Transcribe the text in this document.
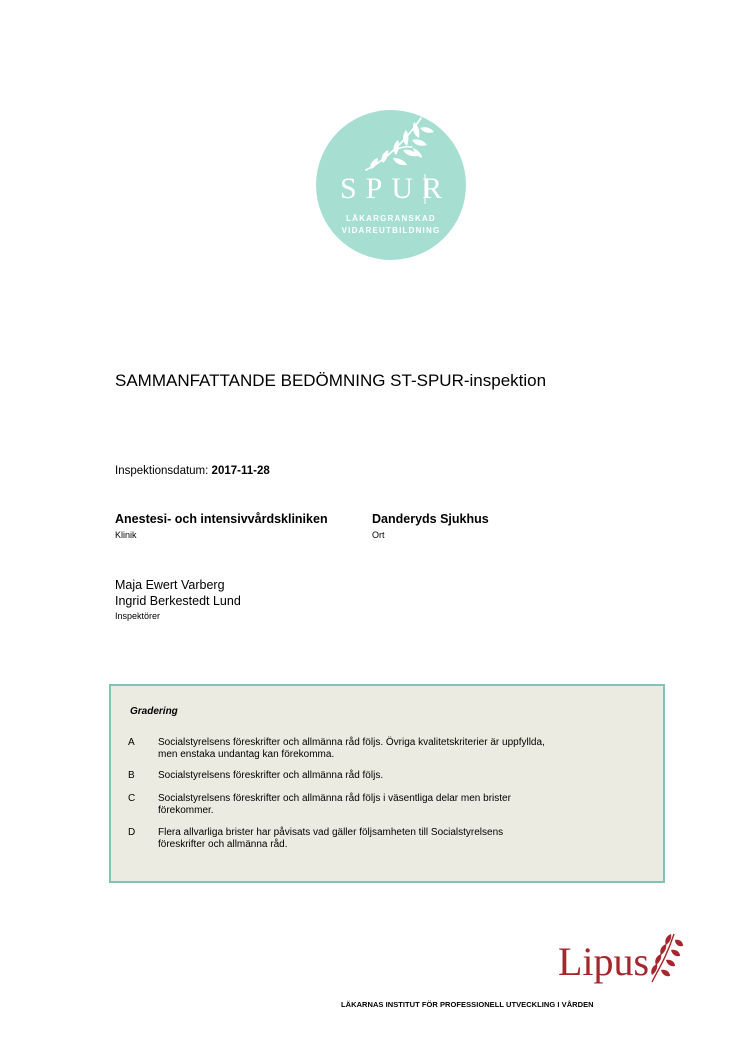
SPUR
LÄKARGRANSKAD
VIDAREUTBILDNING
SAMMANFATTANDE BEDÖMNING ST-SPUR-inspektion
Inspektionsdatum: 2017-11-28
Anestesi- och intensivvårdskliniken
Klinik
Danderyds Sjukhus
Ort
Maja Ewert Varberg
Ingrid Berkestedt Lund
Inspektörer
Gradering
A	Socialstyrelsens föreskrifter och allmänna råd följs. Övriga kvalitetskriterier är uppfyllda,
men enstaka undantag kan förekomma.
B	Socialstyrelsens föreskrifter och allmänna råd följs.
C	Socialstyrelsens föreskrifter och allmänna råd följs i väsentliga delar men brister
förekommer.
D	Flera allvarliga brister har påvisats vad gäller följsamheten till Socialstyrelsens
föreskrifter och allmänna råd.
Lipus
LÄKARNAS INSTITUT FÖR PROFESSIONELL UTVECKLING I VÅRDEN
